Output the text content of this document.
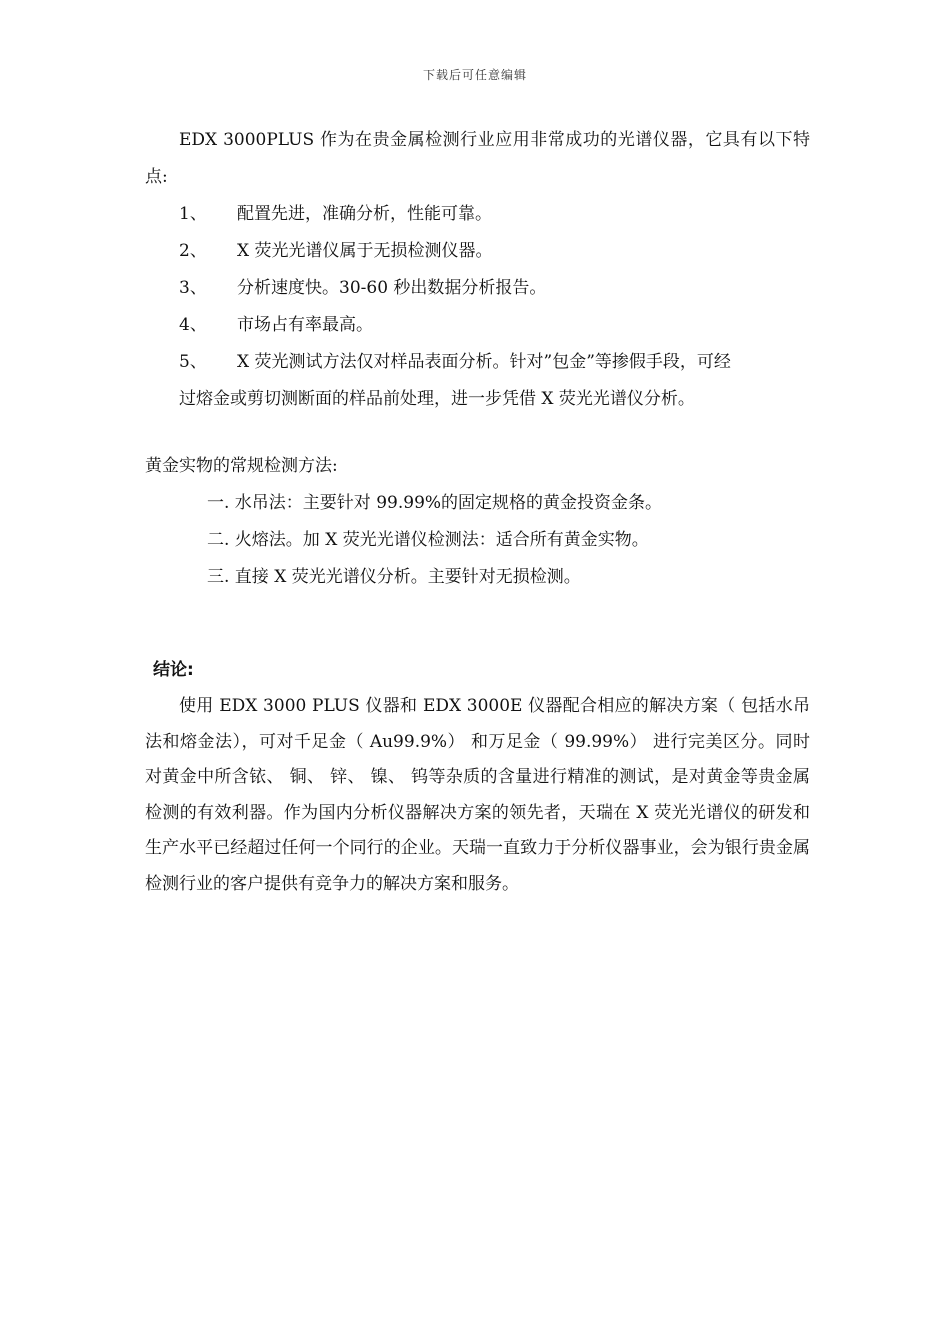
下载后可任意编辑

EDX 3000PLUS 作为在贵金属检测行业应用非常成功的光谱仪器，它具有以下特点:

1、	配置先进，准确分析，性能可靠。
2、	X 荧光光谱仪属于无损检测仪器。
3、	分析速度快。30-60 秒出数据分析报告。
4、	市场占有率最高。
5、	X 荧光测试方法仅对样品表面分析。针对”包金”等掺假手段，可经
过熔金或剪切测断面的样品前处理，进一步凭借 X 荧光光谱仪分析。

黄金实物的常规检测方法:

一. 水吊法：主要针对 99.99%的固定规格的黄金投资金条。
二. 火熔法。加 X 荧光光谱仪检测法：适合所有黄金实物。
三. 直接 X 荧光光谱仪分析。主要针对无损检测。

结论:

使用 EDX 3000 PLUS 仪器和 EDX 3000E 仪器配合相应的解决方案（ 包括水吊法和熔金法），可对千足金（ Au99.9%） 和万足金（ 99.99%） 进行完美区分。同时对黄金中所含铱、 铜、 锌、 镍、 钨等杂质的含量进行精准的测试，是对黄金等贵金属检测的有效利器。作为国内分析仪器解决方案的领先者，天瑞在 X 荧光光谱仪的研发和生产水平已经超过任何一个同行的企业。天瑞一直致力于分析仪器事业，会为银行贵金属检测行业的客户提供有竞争力的解决方案和服务。
